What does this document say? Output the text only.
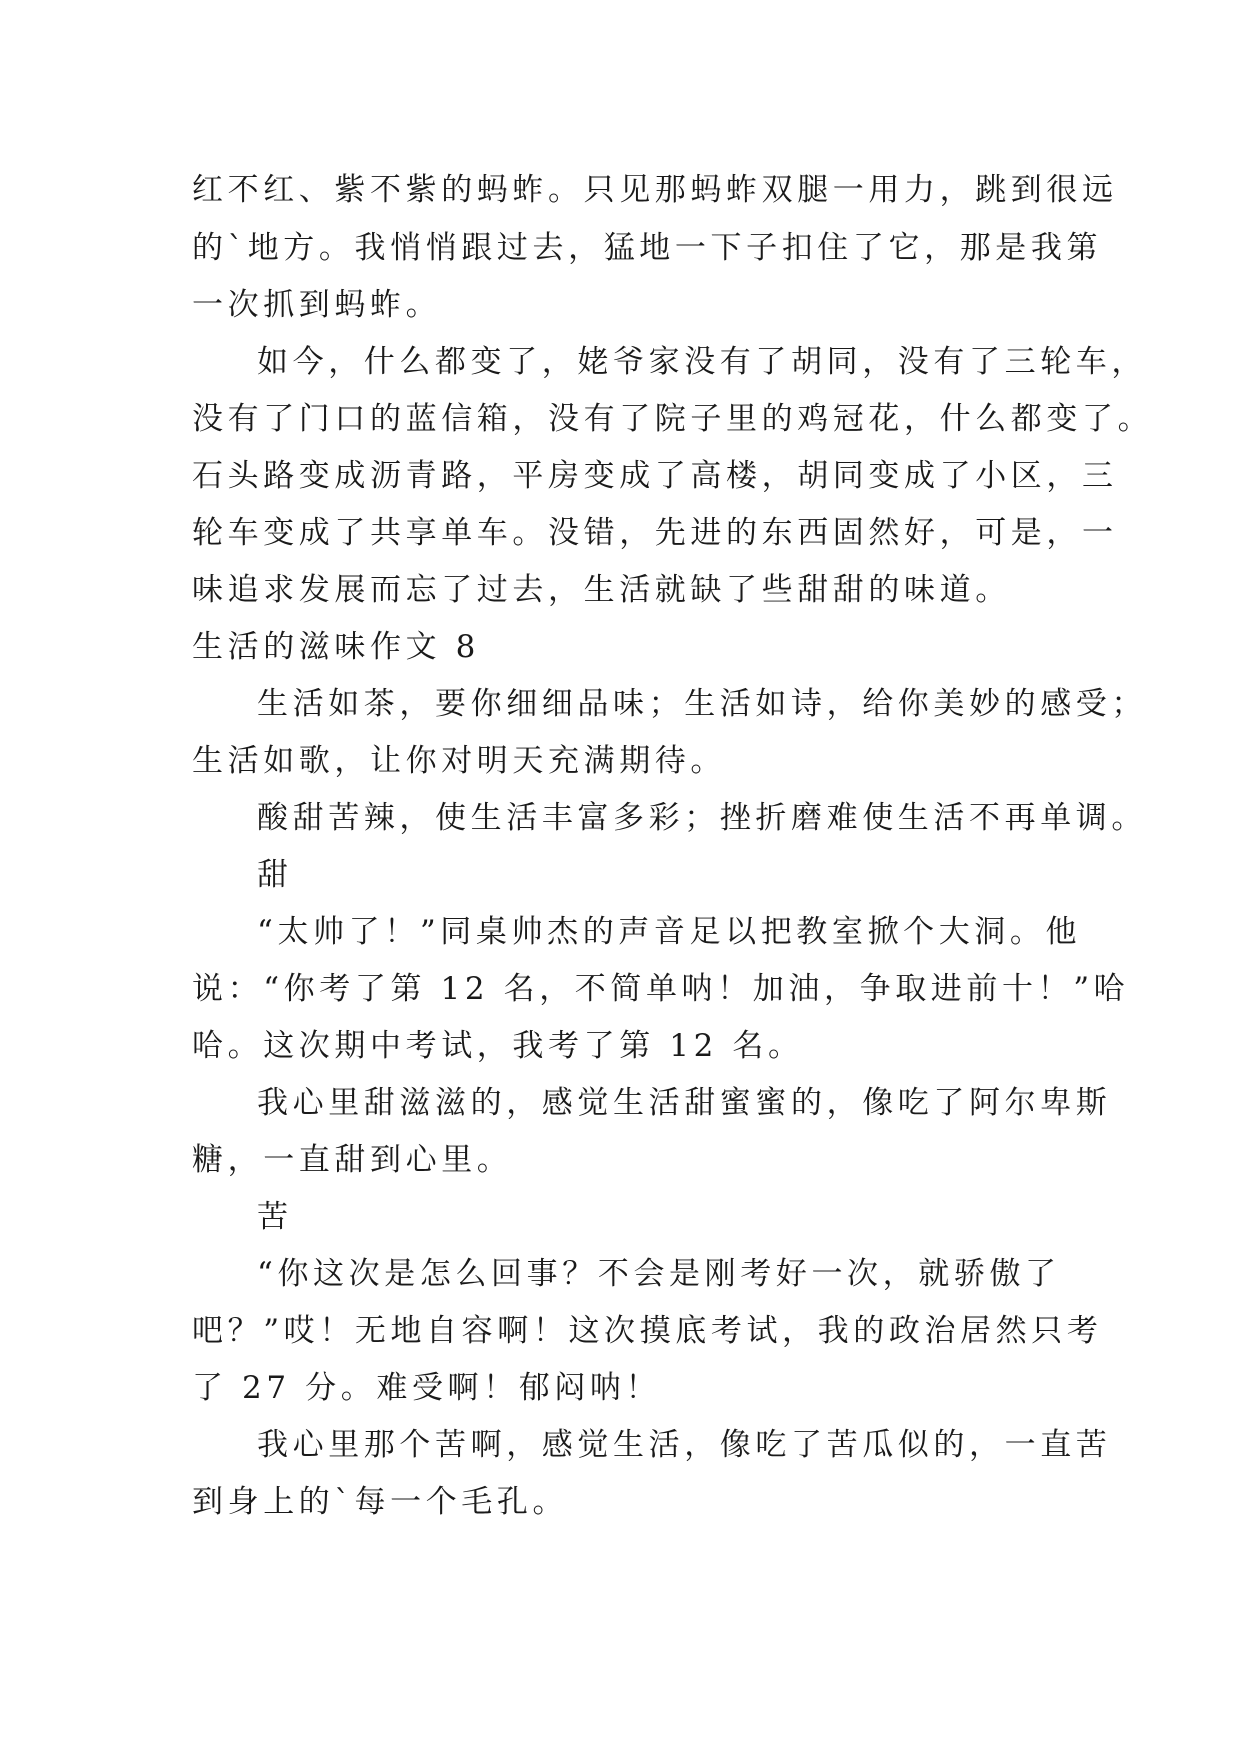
红不红、紫不紫的蚂蚱。只见那蚂蚱双腿一用力，跳到很远
的`地方。我悄悄跟过去，猛地一下子扣住了它，那是我第
一次抓到蚂蚱。
如今，什么都变了，姥爷家没有了胡同，没有了三轮车，
没有了门口的蓝信箱，没有了院子里的鸡冠花，什么都变了。
石头路变成沥青路，平房变成了高楼，胡同变成了小区，三
轮车变成了共享单车。没错，先进的东西固然好，可是，一
味追求发展而忘了过去，生活就缺了些甜甜的味道。
生活的滋味作文 8
生活如茶，要你细细品味；生活如诗，给你美妙的感受；
生活如歌，让你对明天充满期待。
酸甜苦辣，使生活丰富多彩；挫折磨难使生活不再单调。
甜
“太帅了！”同桌帅杰的声音足以把教室掀个大洞。他
说：“你考了第 12 名，不简单呐！加油，争取进前十！”哈
哈。这次期中考试，我考了第 12 名。
我心里甜滋滋的，感觉生活甜蜜蜜的，像吃了阿尔卑斯
糖，一直甜到心里。
苦
“你这次是怎么回事？不会是刚考好一次，就骄傲了
吧？”哎！无地自容啊！这次摸底考试，我的政治居然只考
了 27 分。难受啊！郁闷呐！
我心里那个苦啊，感觉生活，像吃了苦瓜似的，一直苦
到身上的`每一个毛孔。
